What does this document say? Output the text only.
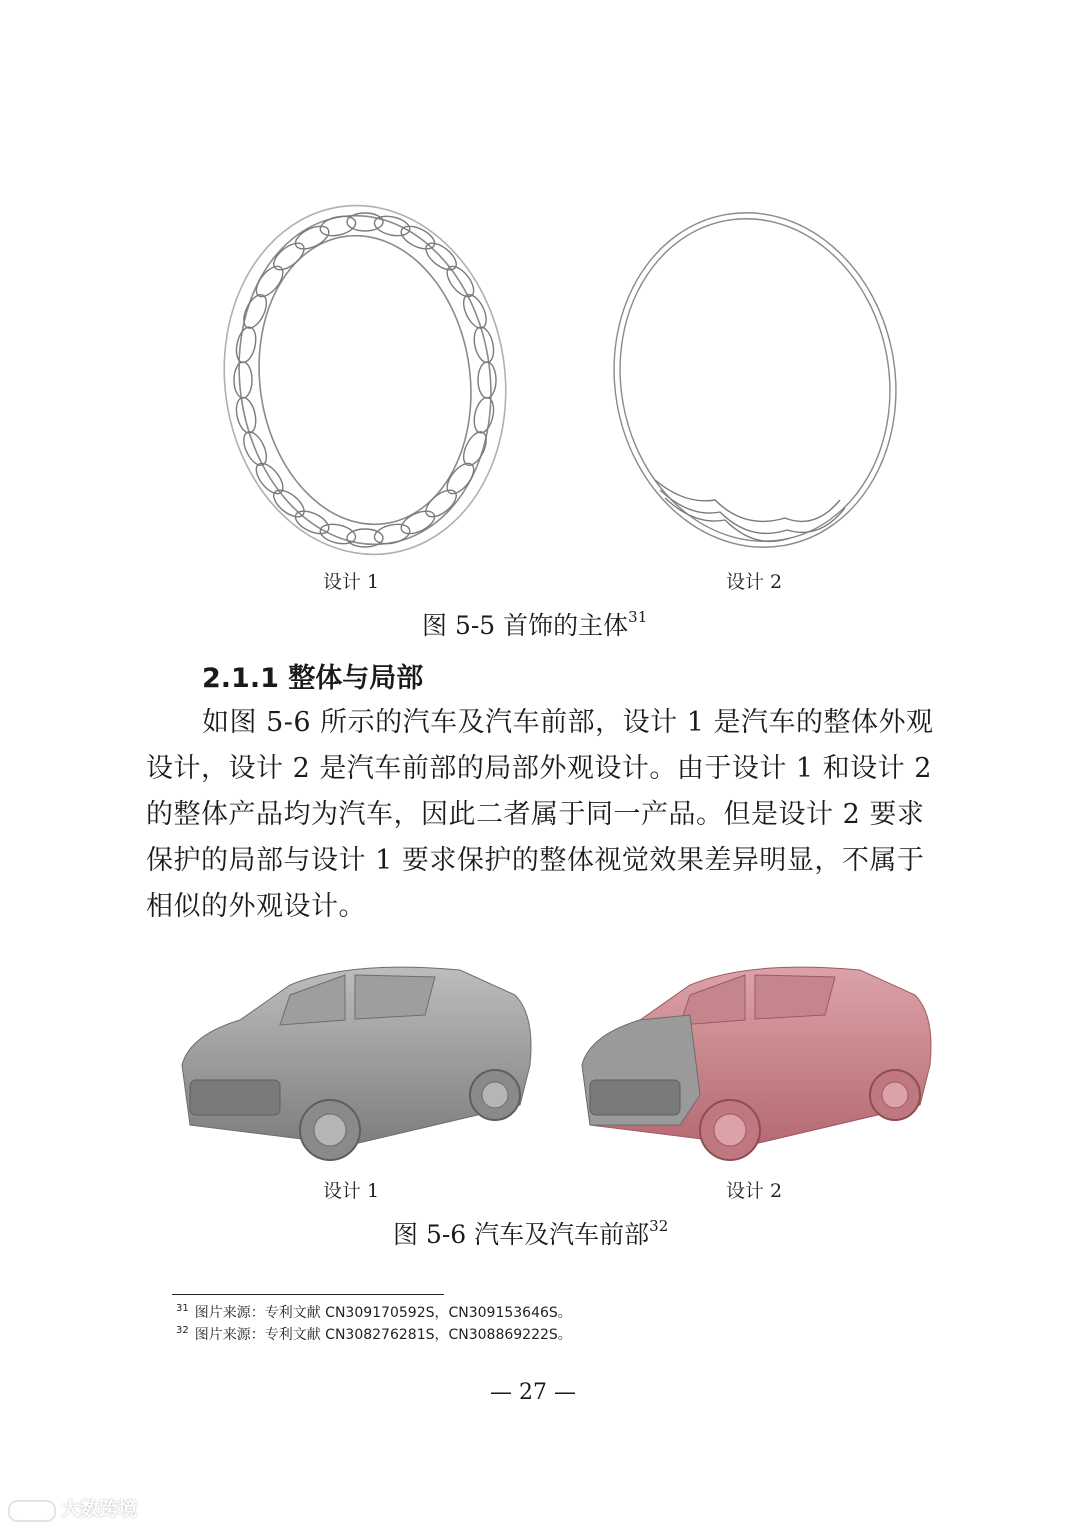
设计 1	设计 2
图 5-5 首饰的主体$^{31}$
2.1.1 整体与局部
如图 5-6 所示的汽车及汽车前部，设计 1 是汽车的整体外观
设计，设计 2 是汽车前部的局部外观设计。由于设计 1 和设计 2
的整体产品均为汽车，因此二者属于同一产品。但是设计 2 要求
保护的局部与设计 1 要求保护的整体视觉效果差异明显，不属于
相似的外观设计。
设计 1	设计 2
图 5-6 汽车及汽车前部$^{32}$
$^{31}$ 图片来源：专利文献 CN309170592S，CN309153646S。
$^{32}$ 图片来源：专利文献 CN308276281S，CN308869222S。
— 27 —
大数跨境
